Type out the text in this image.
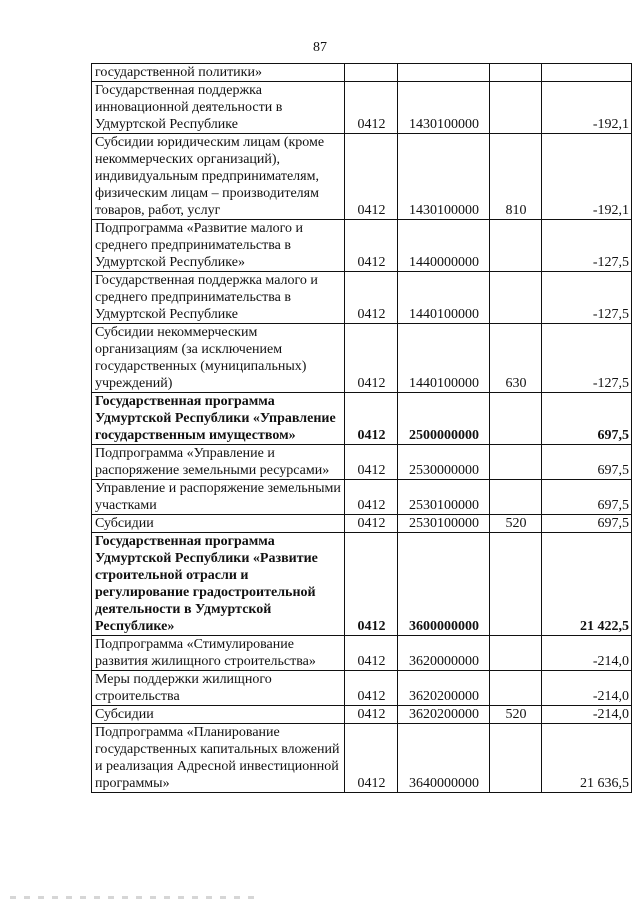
87
государственной политики»				
Государственная поддержка инновационной деятельности в Удмуртской Республике	0412	1430100000		-192,1
Субсидии юридическим лицам (кроме некоммерческих организаций), индивидуальным предпринимателям, физическим лицам – производителям товаров, работ, услуг	0412	1430100000	810	-192,1
Подпрограмма «Развитие малого и среднего предпринимательства в Удмуртской Республике»	0412	1440000000		-127,5
Государственная поддержка малого и среднего предпринимательства в Удмуртской Республике	0412	1440100000		-127,5
Субсидии некоммерческим организациям (за исключением государственных (муниципальных) учреждений)	0412	1440100000	630	-127,5
Государственная программа Удмуртской Республики «Управление государственным имуществом»	0412	2500000000		697,5
Подпрограмма «Управление и распоряжение земельными ресурсами»	0412	2530000000		697,5
Управление и распоряжение земельными участками	0412	2530100000		697,5
Субсидии	0412	2530100000	520	697,5
Государственная программа Удмуртской Республики «Развитие строительной отрасли и регулирование градостроительной деятельности в Удмуртской Республике»	0412	3600000000		21 422,5
Подпрограмма «Стимулирование развития жилищного строительства»	0412	3620000000		-214,0
Меры поддержки жилищного строительства	0412	3620200000		-214,0
Субсидии	0412	3620200000	520	-214,0
Подпрограмма «Планирование государственных капитальных вложений и реализация Адресной инвестиционной программы»	0412	3640000000		21 636,5
